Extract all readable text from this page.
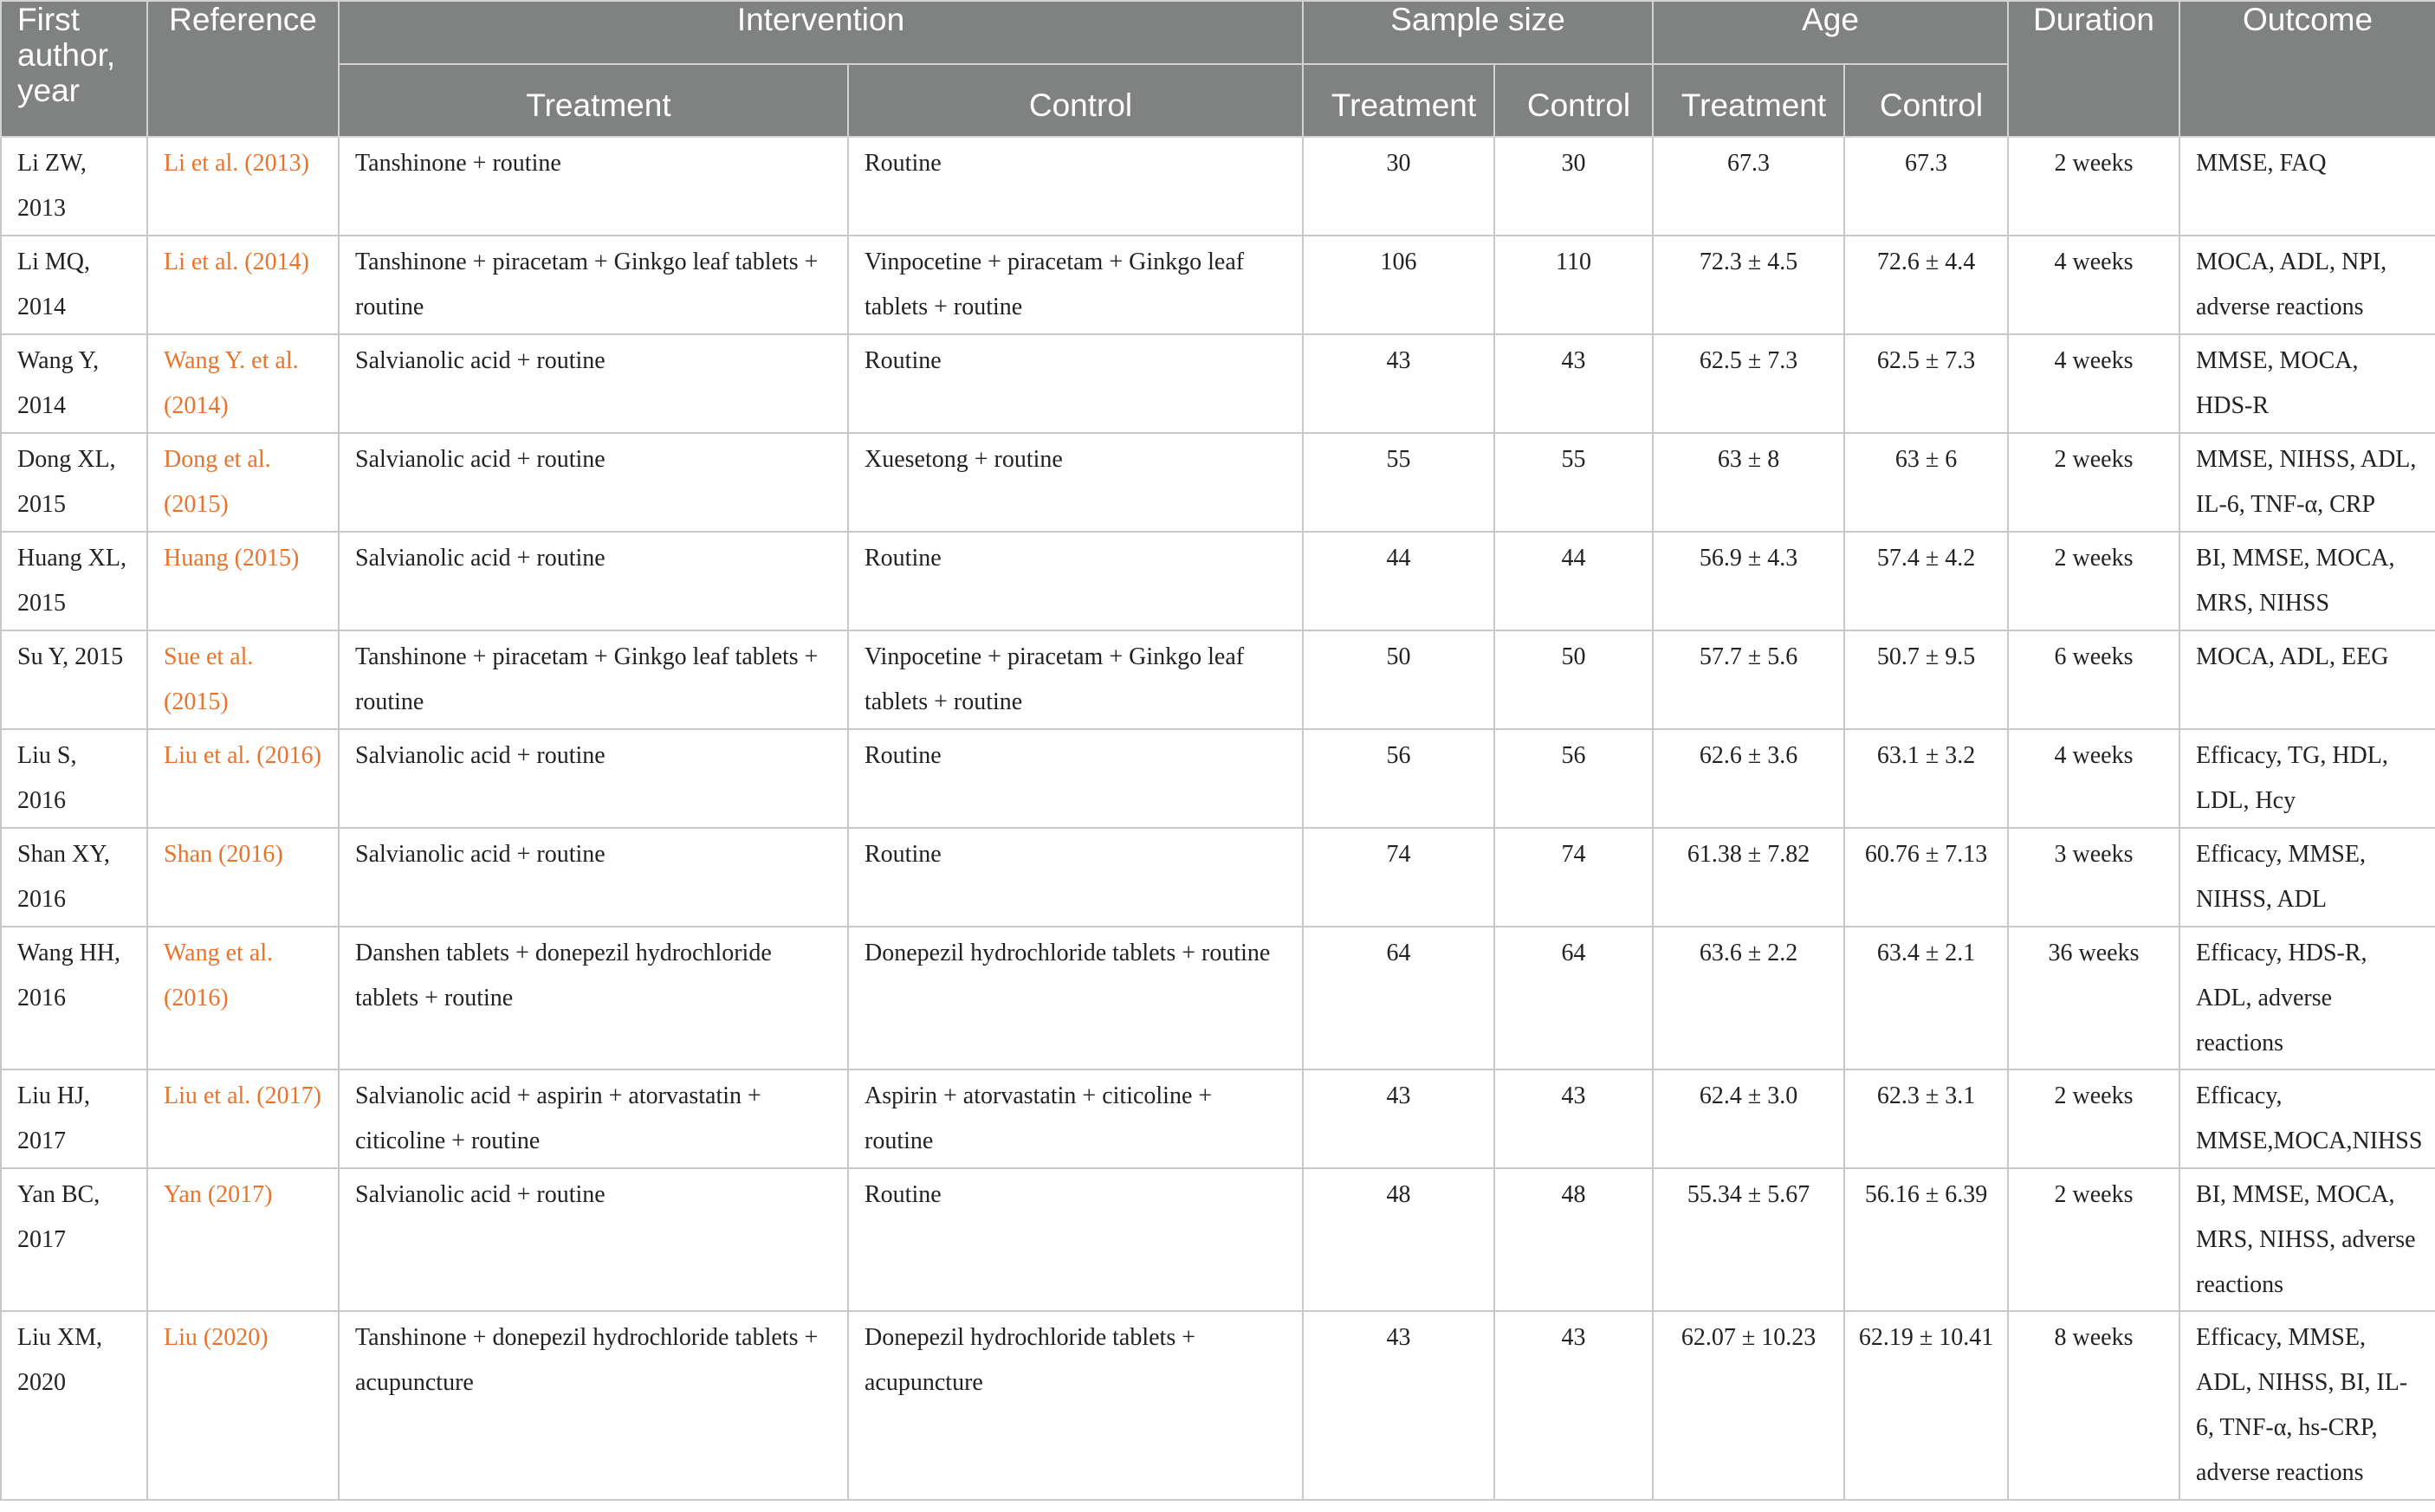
First author, year	Reference	Intervention		Sample size		Age		Duration	Outcome
		Treatment	Control	Treatment	Control	Treatment	Control		
Li ZW, 2013	Li et al. (2013)	Tanshinone + routine	Routine	30	30	67.3	67.3	2 weeks	MMSE, FAQ
Li MQ, 2014	Li et al. (2014)	Tanshinone + piracetam + Ginkgo leaf tablets + routine	Vinpocetine + piracetam + Ginkgo leaf tablets + routine	106	110	72.3 ± 4.5	72.6 ± 4.4	4 weeks	MOCA, ADL, NPI, adverse reactions
Wang Y, 2014	Wang Y. et al. (2014)	Salvianolic acid + routine	Routine	43	43	62.5 ± 7.3	62.5 ± 7.3	4 weeks	MMSE, MOCA, HDS-R
Dong XL, 2015	Dong et al. (2015)	Salvianolic acid + routine	Xuesetong + routine	55	55	63 ± 8	63 ± 6	2 weeks	MMSE, NIHSS, ADL, IL-6, TNF-α, CRP
Huang XL, 2015	Huang (2015)	Salvianolic acid + routine	Routine	44	44	56.9 ± 4.3	57.4 ± 4.2	2 weeks	BI, MMSE, MOCA, MRS, NIHSS
Su Y, 2015	Sue et al. (2015)	Tanshinone + piracetam + Ginkgo leaf tablets + routine	Vinpocetine + piracetam + Ginkgo leaf tablets + routine	50	50	57.7 ± 5.6	50.7 ± 9.5	6 weeks	MOCA, ADL, EEG
Liu S, 2016	Liu et al. (2016)	Salvianolic acid + routine	Routine	56	56	62.6 ± 3.6	63.1 ± 3.2	4 weeks	Efficacy, TG, HDL, LDL, Hcy
Shan XY, 2016	Shan (2016)	Salvianolic acid + routine	Routine	74	74	61.38 ± 7.82	60.76 ± 7.13	3 weeks	Efficacy, MMSE, NIHSS, ADL
Wang HH, 2016	Wang et al. (2016)	Danshen tablets + donepezil hydrochloride tablets + routine	Donepezil hydrochloride tablets + routine	64	64	63.6 ± 2.2	63.4 ± 2.1	36 weeks	Efficacy, HDS-R, ADL, adverse reactions
Liu HJ, 2017	Liu et al. (2017)	Salvianolic acid + aspirin + atorvastatin + citicoline + routine	Aspirin + atorvastatin + citicoline + routine	43	43	62.4 ± 3.0	62.3 ± 3.1	2 weeks	Efficacy, MMSE,MOCA,NIHSS
Yan BC, 2017	Yan (2017)	Salvianolic acid + routine	Routine	48	48	55.34 ± 5.67	56.16 ± 6.39	2 weeks	BI, MMSE, MOCA, MRS, NIHSS, adverse reactions
Liu XM, 2020	Liu (2020)	Tanshinone + donepezil hydrochloride tablets + acupuncture	Donepezil hydrochloride tablets + acupuncture	43	43	62.07 ± 10.23	62.19 ± 10.41	8 weeks	Efficacy, MMSE, ADL, NIHSS, BI, IL-6, TNF-α, hs-CRP, adverse reactions
